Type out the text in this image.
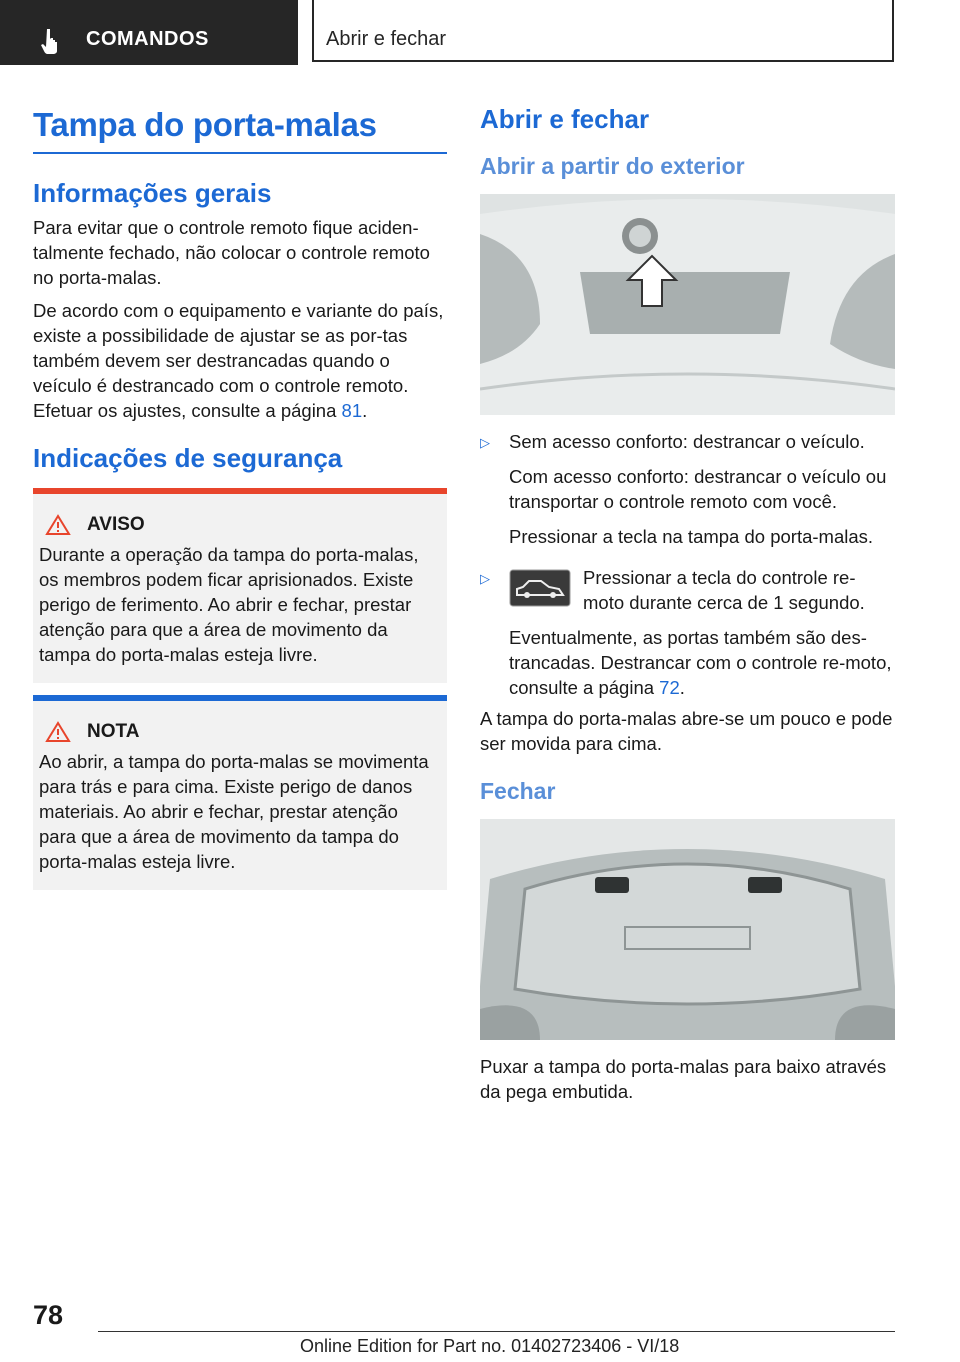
COMANDOS	Abrir e fechar
Tampa do porta-malas
Informações gerais

Para evitar que o controle remoto fique aciden-talmente fechado, não colocar o controle remoto no porta-malas.

De acordo com o equipamento e variante do país, existe a possibilidade de ajustar se as por-tas também devem ser destrancadas quando o veículo é destrancado com o controle remoto. Efetuar os ajustes, consulte a página 81.

Indicações de segurança
AVISO

Durante a operação da tampa do porta-malas, os membros podem ficar aprisionados. Existe perigo de ferimento. Ao abrir e fechar, prestar atenção para que a área de movimento da tampa do porta-malas esteja livre.

NOTA

Ao abrir, a tampa do porta-malas se movimenta para trás e para cima. Existe perigo de danos materiais. Ao abrir e fechar, prestar atenção para que a área de movimento da tampa do porta-malas esteja livre.

Abrir e fechar
Abrir a partir do exterior
▷	Sem acesso conforto: destrancar o veículo.

Com acesso conforto: destrancar o veículo ou transportar o controle remoto com você.

Pressionar a tecla na tampa do porta-malas.

▷	Pressionar a tecla do controle re-moto durante cerca de 1 segundo.

Eventualmente, as portas também são des-trancadas. Destrancar com o controle re-moto, consulte a página 72.

A tampa do porta-malas abre-se um pouco e pode ser movida para cima.

Fechar

Puxar a tampa do porta-malas para baixo através da pega embutida.

78
Online Edition for Part no. 01402723406 - VI/18
